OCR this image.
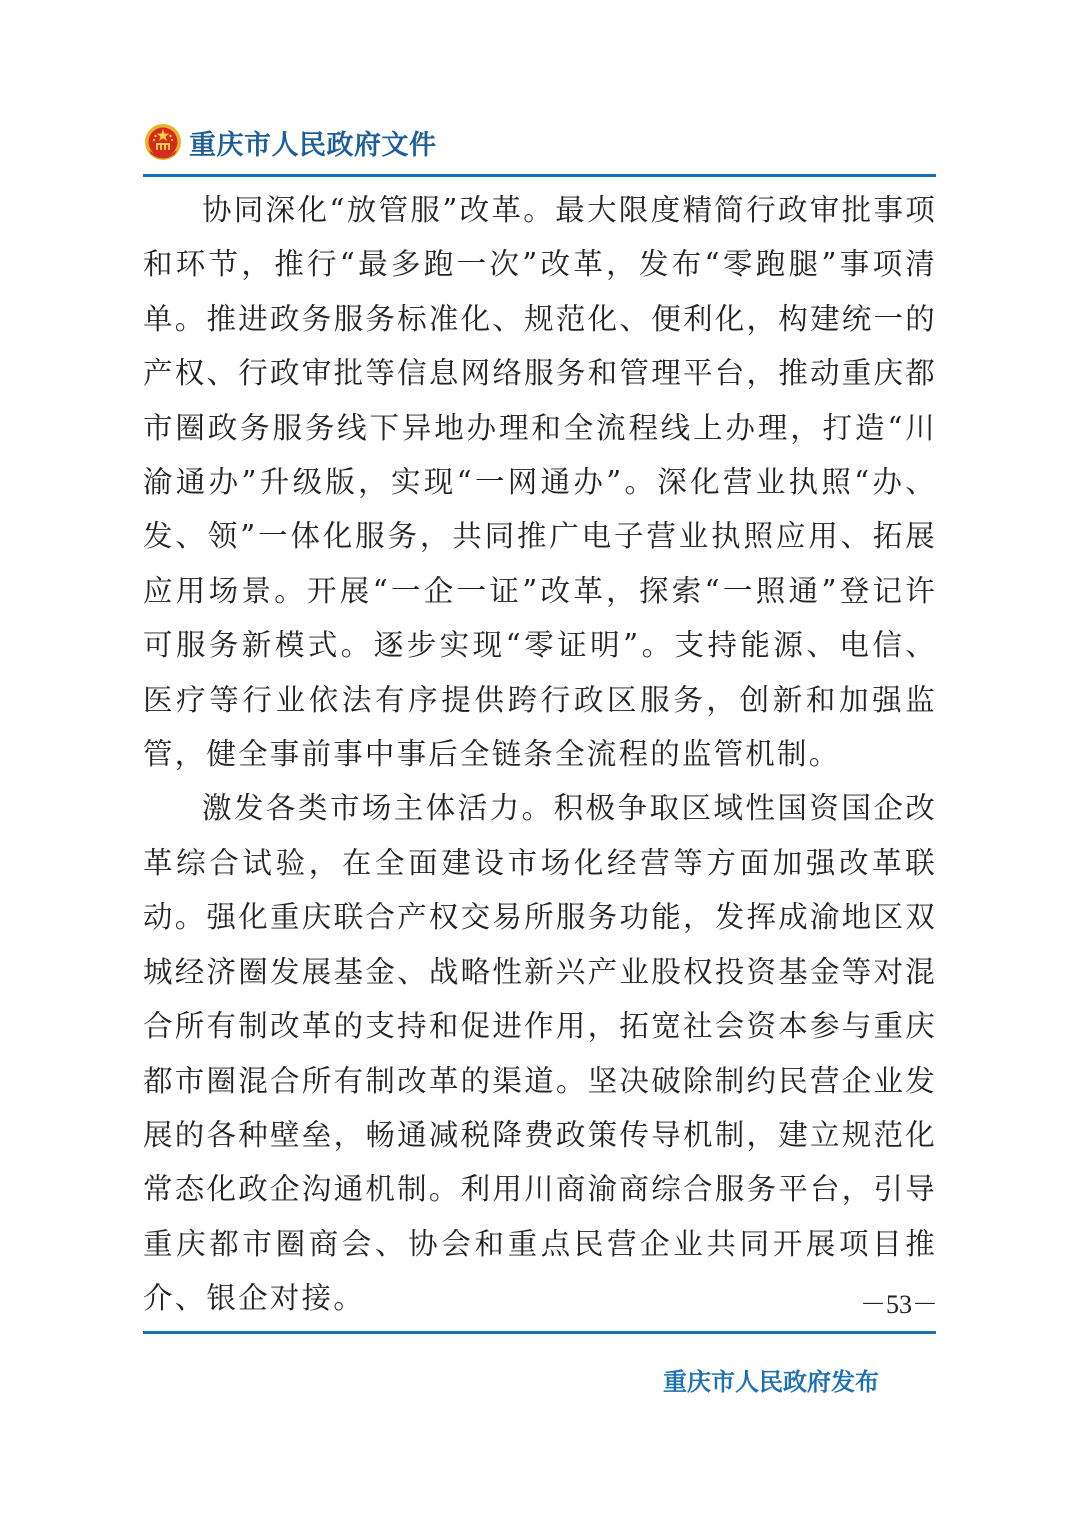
重庆市人民政府文件

协同深化“放管服”改革。最大限度精简行政审批事项和环节，推行“最多跑一次”改革，发布“零跑腿”事项清单。推进政务服务标准化、规范化、便利化，构建统一的产权、行政审批等信息网络服务和管理平台，推动重庆都市圈政务服务线下异地办理和全流程线上办理，打造“川渝通办”升级版，实现“一网通办”。深化营业执照“办、发、领”一体化服务，共同推广电子营业执照应用、拓展应用场景。开展“一企一证”改革，探索“一照通”登记许可服务新模式。逐步实现“零证明”。支持能源、电信、医疗等行业依法有序提供跨行政区服务，创新和加强监管，健全事前事中事后全链条全流程的监管机制。

激发各类市场主体活力。积极争取区域性国资国企改革综合试验，在全面建设市场化经营等方面加强改革联动。强化重庆联合产权交易所服务功能，发挥成渝地区双城经济圈发展基金、战略性新兴产业股权投资基金等对混合所有制改革的支持和促进作用，拓宽社会资本参与重庆都市圈混合所有制改革的渠道。坚决破除制约民营企业发展的各种壁垒，畅通减税降费政策传导机制，建立规范化常态化政企沟通机制。利用川商渝商综合服务平台，引导重庆都市圈商会、协会和重点民营企业共同开展项目推介、银企对接。	－53－
重庆市人民政府发布
